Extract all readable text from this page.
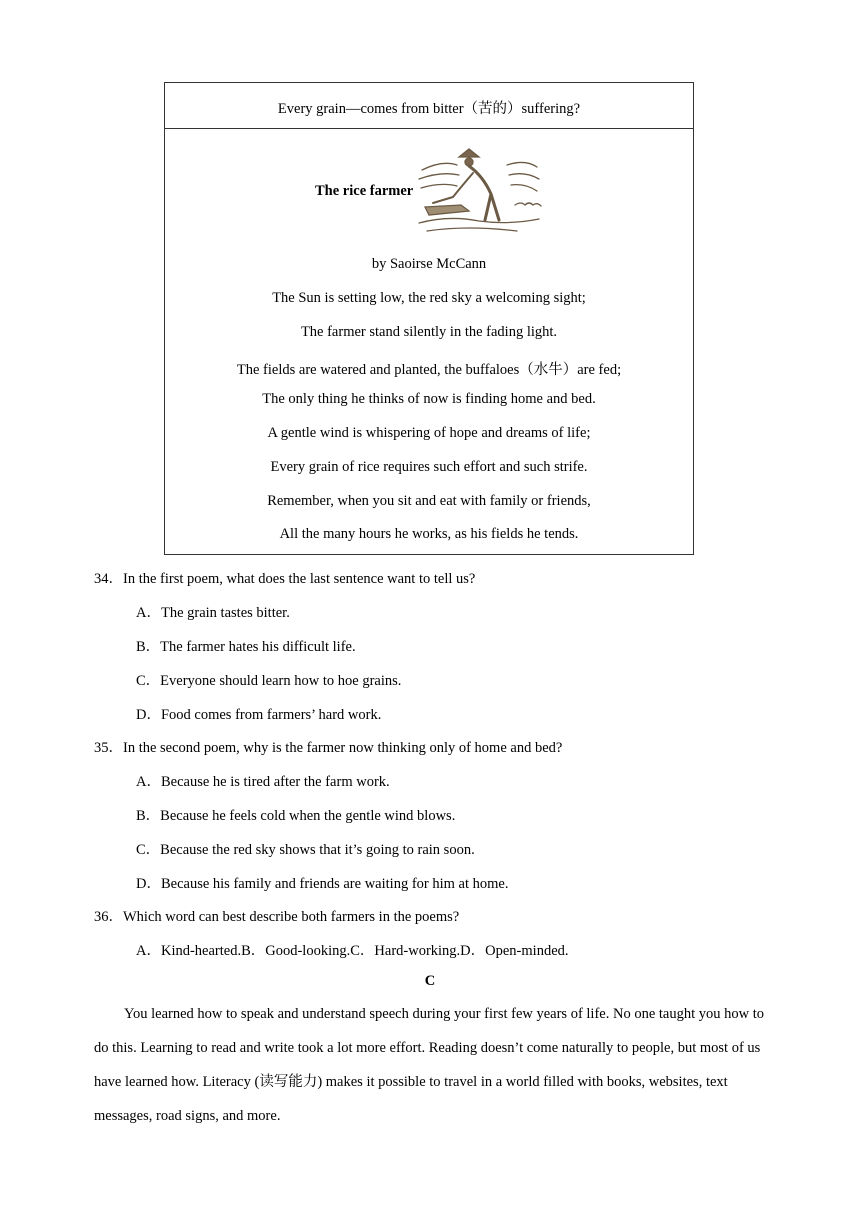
Every grain—comes from bitter（苦的）suffering?
The rice farmer
by Saoirse McCann
The Sun is setting low, the red sky a welcoming sight;
The farmer stand silently in the fading light.
The fields are watered and planted, the buffaloes（水牛）are fed;
The only thing he thinks of now is finding home and bed.
A gentle wind is whispering of hope and dreams of life;
Every grain of rice requires such effort and such strife.
Remember, when you sit and eat with family or friends,
All the many hours he works, as his fields he tends.
34．In the first poem, what does the last sentence want to tell us?
A．The grain tastes bitter.
B．The farmer hates his difficult life.
C．Everyone should learn how to hoe grains.
D．Food comes from farmers’ hard work.
35．In the second poem, why is the farmer now thinking only of home and bed?
A．Because he is tired after the farm work.
B．Because he feels cold when the gentle wind blows.
C．Because the red sky shows that it’s going to rain soon.
D．Because his family and friends are waiting for him at home.
36．Which word can best describe both farmers in the poems?
A．Kind-hearted.B．Good-looking.C．Hard-working.D．Open-minded.
C
You learned how to speak and understand speech during your first few years of life. No one taught you how to do this. Learning to read and write took a lot more effort. Reading doesn’t come naturally to people, but most of us have learned how. Literacy (读写能力) makes it possible to travel in a world filled with books, websites, text messages, road signs, and more.
